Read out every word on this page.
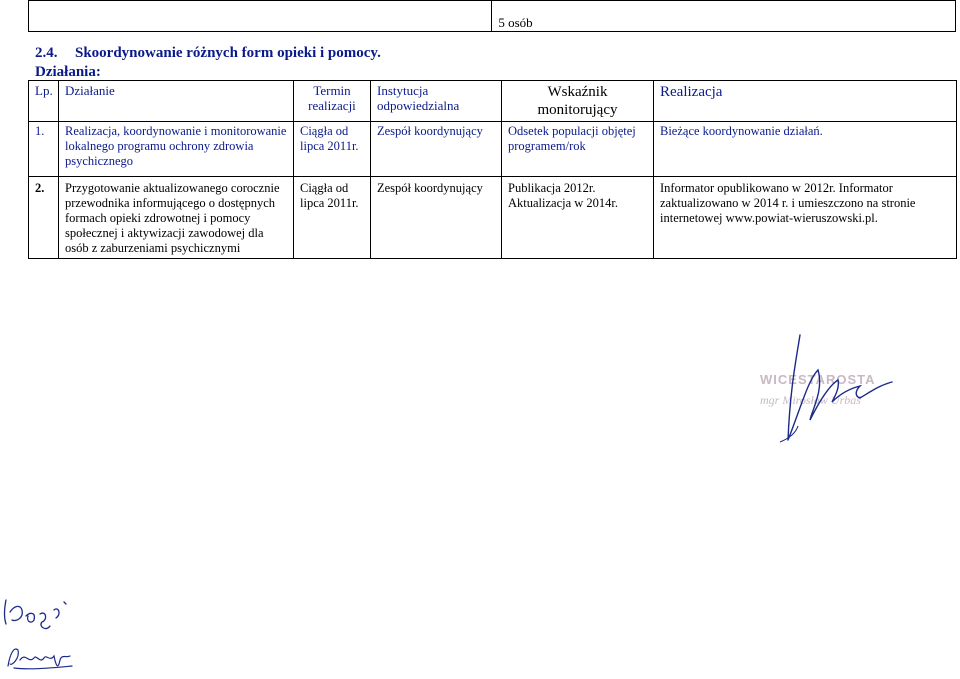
	5 osób
2.4. Skoordynowanie różnych form opieki i pomocy.
Działania:
Lp.	Działanie	Termin realizacji	Instytucja odpowiedzialna	Wskaźnik monitorujący	Realizacja
1.	Realizacja, koordynowanie i monitorowanie lokalnego programu ochrony zdrowia psychicznego	Ciągła od lipca 2011r.	Zespół koordynujący	Odsetek populacji objętej programem/rok	Bieżące koordynowanie działań.
2.	Przygotowanie aktualizowanego corocznie przewodnika informującego o dostępnych formach opieki zdrowotnej i pomocy społecznej i aktywizacji zawodowej dla osób z zaburzeniami psychicznymi	Ciągła od lipca 2011r.	Zespół koordynujący	Publikacja 2012r. Aktualizacja w 2014r.	Informator opublikowano w 2012r. Informator zaktualizowano w 2014 r. i umieszczono na stronie internetowej www.powiat-wieruszowski.pl.
WICESTAROSTA
mgr Mirosław Urbaś
